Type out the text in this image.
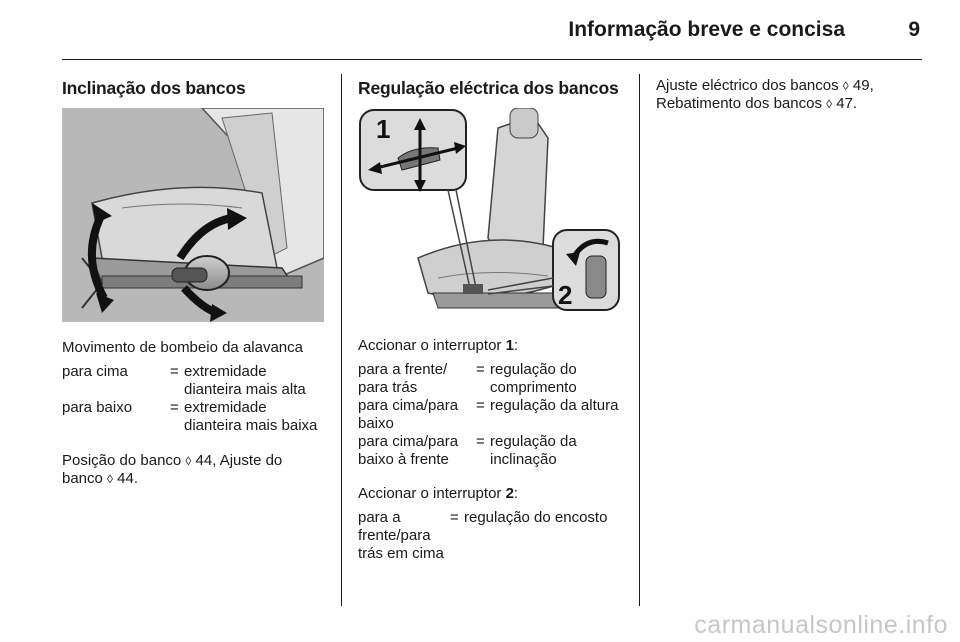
Informação breve e concisa	9
Inclinação dos bancos
Movimento de bombeio da alavanca
para cima	= extremidade dianteira mais alta
para baixo	= extremidade dianteira mais baixa
Posição do banco ◊ 44, Ajuste do
banco ◊ 44.
Regulação eléctrica dos bancos
1
2
Accionar o interruptor 1:
para a frente/ para trás
= regulação do comprimento
para cima/para baixo
= regulação da altura
para cima/para baixo à frente
= regulação da inclinação
Accionar o interruptor 2:
para a frente/para trás em cima
= regulação do encosto
Ajuste eléctrico dos bancos ◊ 49,
Rebatimento dos bancos ◊ 47.
carmanualsonline.info
